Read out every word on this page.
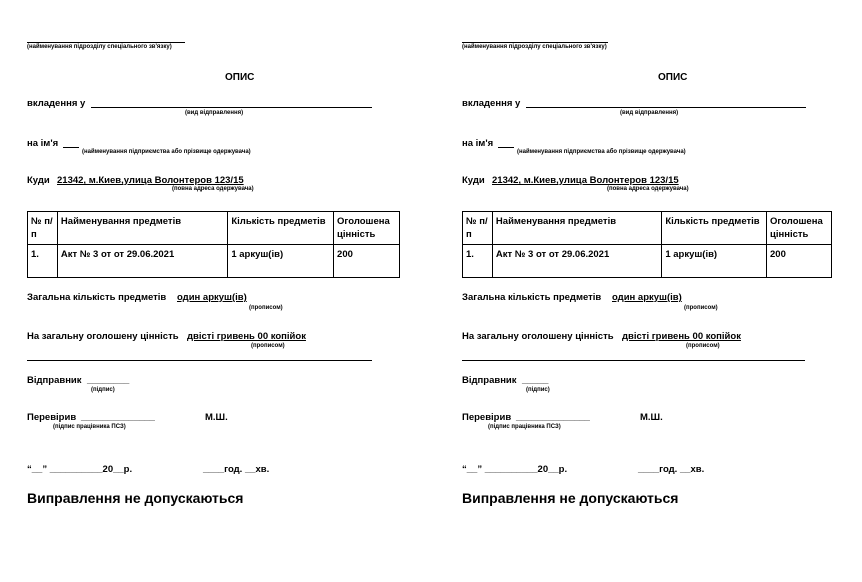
(найменування підрозділу спеціального зв'язку)
ОПИС
вкладення у
(вид відправлення)
на ім'я
(найменування підприємства або прізвище одержувача)
Куди 21342, м.Киев,улица Волонтеров 123/15
(повна адреса одержувача)
№ п/п	Найменування предметів	Кількість предметів	Оголошена цінність
1.	Акт № 3 от от 29.06.2021	1 аркуш(ів)	200
Загальна кількість предметів один аркуш(ів)
(прописом)
На загальну оголошену цінність двісті гривень 00 копійок
(прописом)
Відправник ________
(підпис)
Перевірив ______________
(підпис працівника ПСЗ)
М.Ш.
“__” __________20__р.	____год. __хв.
Виправлення не допускаються
(найменування підрозділу спеціального зв'язку)
ОПИС
вкладення у
(вид відправлення)
на ім'я
(найменування підприємства або прізвище одержувача)
Куди 21342, м.Киев,улица Волонтеров 123/15
(повна адреса одержувача)
№ п/п	Найменування предметів	Кількість предметів	Оголошена цінність
1.	Акт № 3 от от 29.06.2021	1 аркуш(ів)	200
Загальна кількість предметів один аркуш(ів)
(прописом)
На загальну оголошену цінність двісті гривень 00 копійок
(прописом)
Відправник _____
(підпис)
Перевірив ______________
(підпис працівника ПСЗ)
М.Ш.
“__” __________20__р.	____год. __хв.
Виправлення не допускаються
